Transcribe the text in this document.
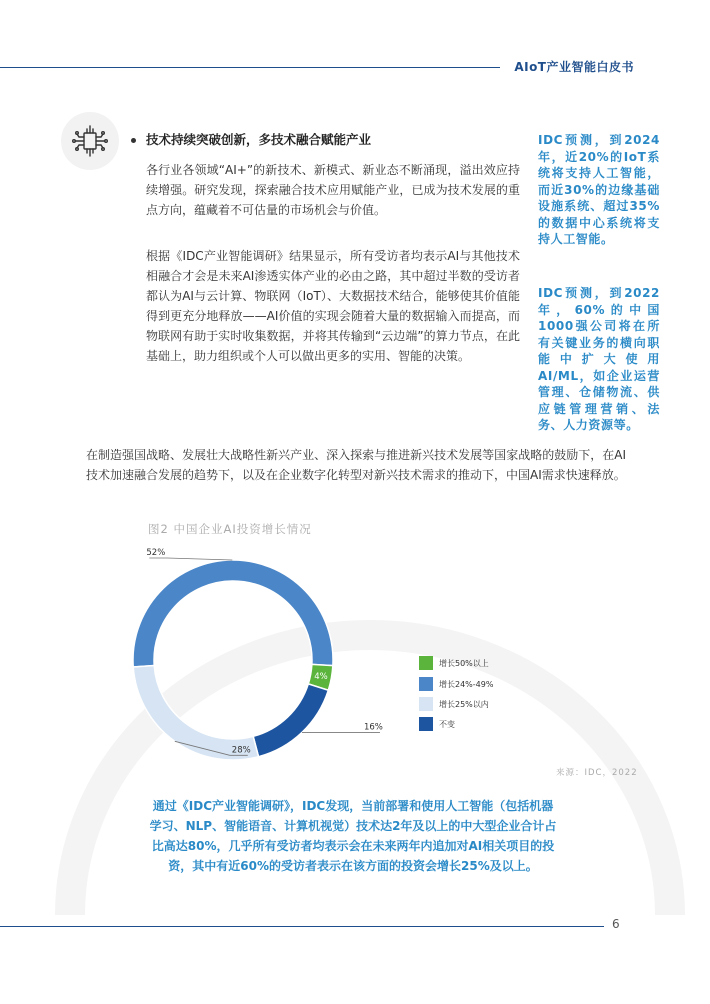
AIoT产业智能白皮书
技术持续突破创新，多技术融合赋能产业
各行业各领域“AI+”的新技术、新模式、新业态不断涌现，溢出效应持续增强。研究发现，探索融合技术应用赋能产业，已成为技术发展的重点方向，蕴藏着不可估量的市场机会与价值。
根据《IDC产业智能调研》结果显示，所有受访者均表示AI与其他技术相融合才会是未来AI渗透实体产业的必由之路，其中超过半数的受访者都认为AI与云计算、物联网（IoT）、大数据技术结合，能够使其价值能得到更充分地释放——AI价值的实现会随着大量的数据输入而提高，而物联网有助于实时收集数据，并将其传输到“云边端”的算力节点，在此基础上，助力组织或个人可以做出更多的实用、智能的决策。
IDC预测，到2024年，近20%的IoT系统将支持人工智能，而近30%的边缘基础设施系统、超过35%的数据中心系统将支持人工智能。
IDC预测，到2022年，60%的中国1000强公司将在所有关键业务的横向职能中扩大使用AI/ML，如企业运营管理、仓储物流、供应链管理营销、法务、人力资源等。
在制造强国战略、发展壮大战略性新兴产业、深入探索与推进新兴技术发展等国家战略的鼓励下，在AI技术加速融合发展的趋势下，以及在企业数字化转型对新兴技术需求的推动下，中国AI需求快速释放。
图2 中国企业AI投资增长情况
52%
4%
16%
28%
增长50%以上
增长24%-49%
增长25%以内
不变
来源：IDC，2022
通过《IDC产业智能调研》，IDC发现，当前部署和使用人工智能（包括机器学习、NLP、智能语音、计算机视觉）技术达2年及以上的中大型企业合计占比高达80%，几乎所有受访者均表示会在未来两年内追加对AI相关项目的投资，其中有近60%的受访者表示在该方面的投资会增长25%及以上。
6
